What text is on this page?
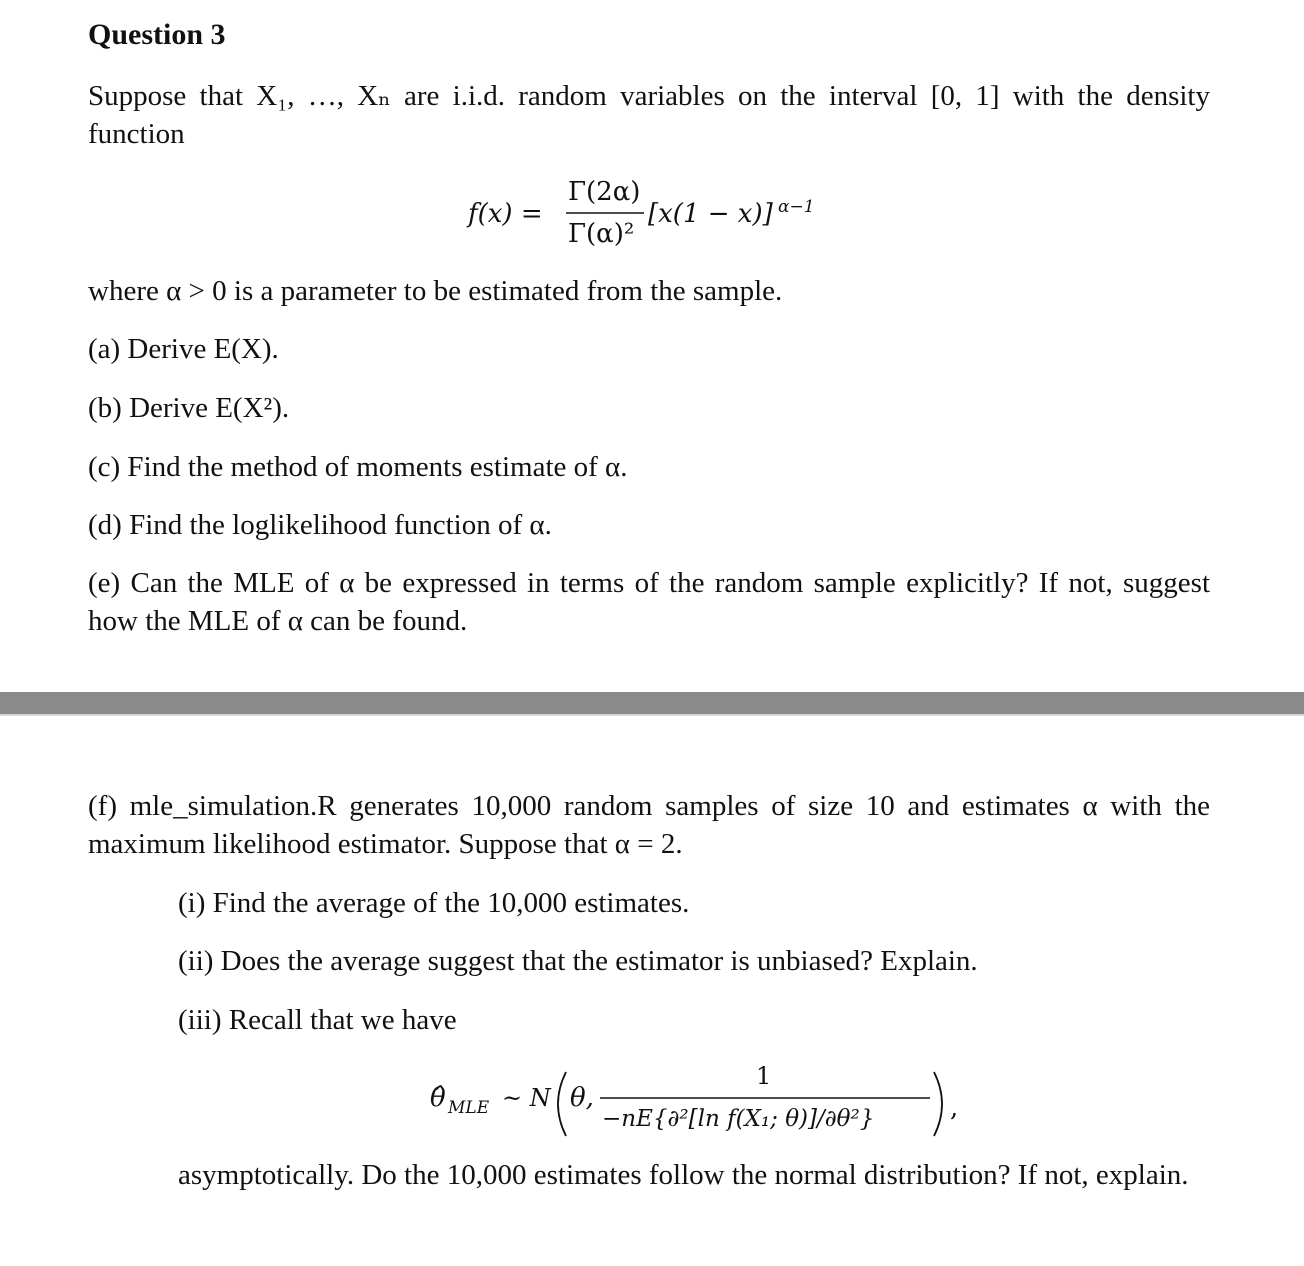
Question 3

Suppose that X₁, …, Xₙ are i.i.d. random variables on the interval [0, 1] with the density function

f(x) =
Γ(2α)
Γ(α)²
[x(1 − x)] α−1

where α > 0 is a parameter to be estimated from the sample.

(a) Derive E(X).

(b) Derive E(X²).

(c) Find the method of moments estimate of α.

(d) Find the loglikelihood function of α.

(e) Can the MLE of α be expressed in terms of the random sample explicitly? If not, suggest how the MLE of α can be found.

(f) mle_simulation.R generates 10,000 random samples of size 10 and estimates α with the maximum likelihood estimator. Suppose that α = 2.

(i) Find the average of the 10,000 estimates.

(ii) Does the average suggest that the estimator is unbiased? Explain.

(iii) Recall that we have

θ̂ MLE ~ N θ,
1
−nE{∂²[ln f(X₁; θ)]/∂θ²}	,

asymptotically. Do the 10,000 estimates follow the normal distribution? If not, explain.
